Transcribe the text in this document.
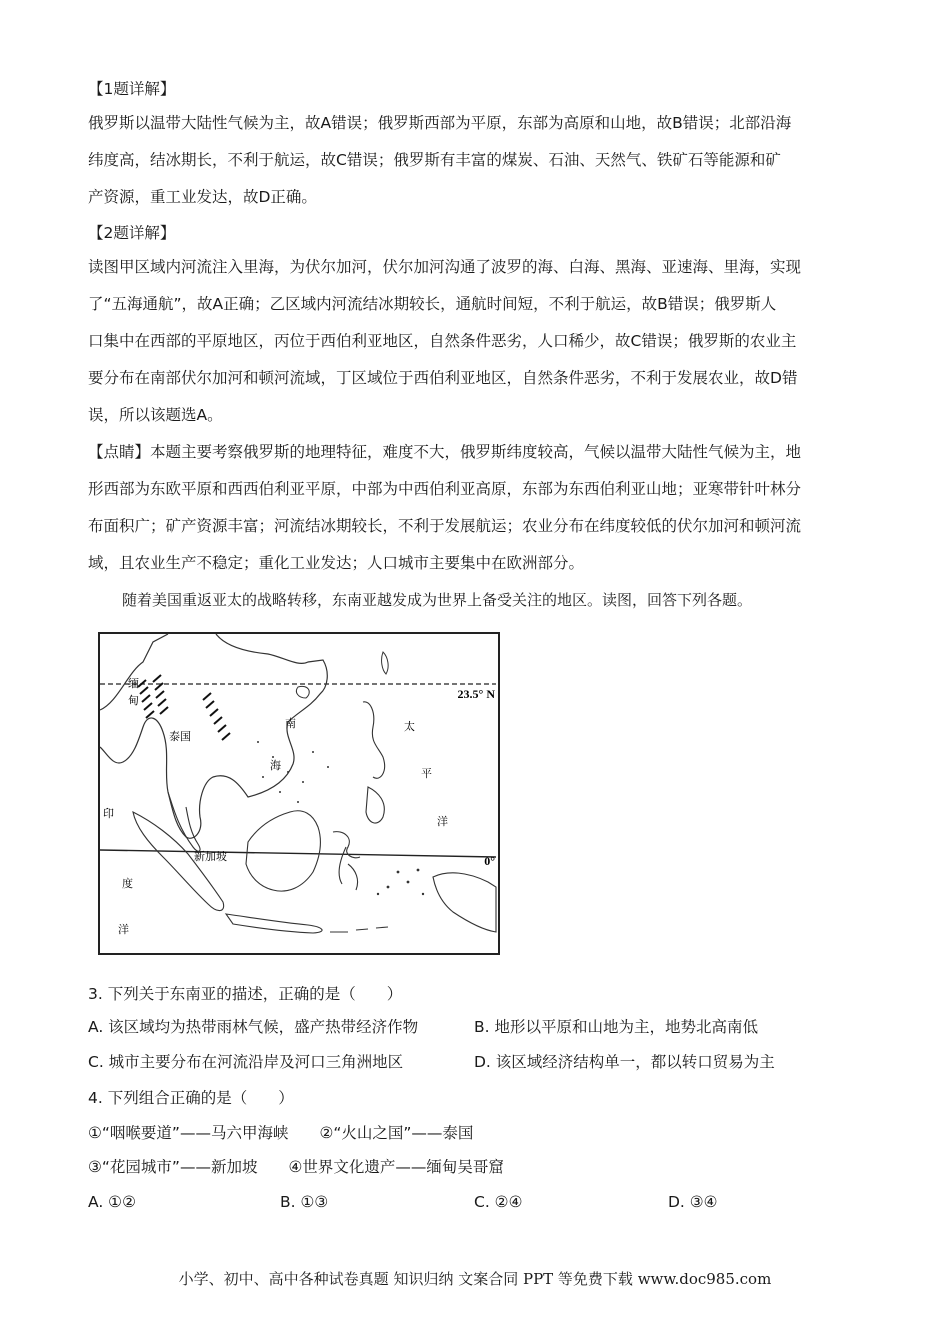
【1题详解】
俄罗斯以温带大陆性气候为主，故A错误；俄罗斯西部为平原，东部为高原和山地，故B错误；北部沿海
纬度高，结冰期长，不利于航运，故C错误；俄罗斯有丰富的煤炭、石油、天然气、铁矿石等能源和矿
产资源，重工业发达，故D正确。
【2题详解】
读图甲区域内河流注入里海，为伏尔加河，伏尔加河沟通了波罗的海、白海、黑海、亚速海、里海，实现
了“五海通航”，故A正确；乙区域内河流结冰期较长，通航时间短，不利于航运，故B错误；俄罗斯人
口集中在西部的平原地区，丙位于西伯利亚地区，自然条件恶劣，人口稀少，故C错误；俄罗斯的农业主
要分布在南部伏尔加河和顿河流域，丁区域位于西伯利亚地区，自然条件恶劣，不利于发展农业，故D错
误，所以该题选A。
【点睛】本题主要考察俄罗斯的地理特征，难度不大，俄罗斯纬度较高，气候以温带大陆性气候为主，地
形西部为东欧平原和西西伯利亚平原，中部为中西伯利亚高原，东部为东西伯利亚山地；亚寒带针叶林分
布面积广；矿产资源丰富；河流结冰期较长，不利于发展航运；农业分布在纬度较低的伏尔加河和顿河流
域，且农业生产不稳定；重化工业发达；人口城市主要集中在欧洲部分。
随着美国重返亚太的战略转移，东南亚越发成为世界上备受关注的地区。读图，回答下列各题。
23.5° N
0°
缅
甸
泰国
新加坡
南
海
太
平
洋
印
度
洋
3. 下列关于东南亚的描述，正确的是（　　）
A. 该区域均为热带雨林气候，盛产热带经济作物	B. 地形以平原和山地为主，地势北高南低
C. 城市主要分布在河流沿岸及河口三角洲地区	D. 该区域经济结构单一，都以转口贸易为主
4. 下列组合正确的是（　　）
①“咽喉要道”——马六甲海峡　　②“火山之国”——泰国
③“花园城市”——新加坡　　④世界文化遗产——缅甸吴哥窟
A. ①②	B. ①③	C. ②④	D. ③④
小学、初中、高中各种试卷真题 知识归纳 文案合同 PPT 等免费下载 www.doc985.com
